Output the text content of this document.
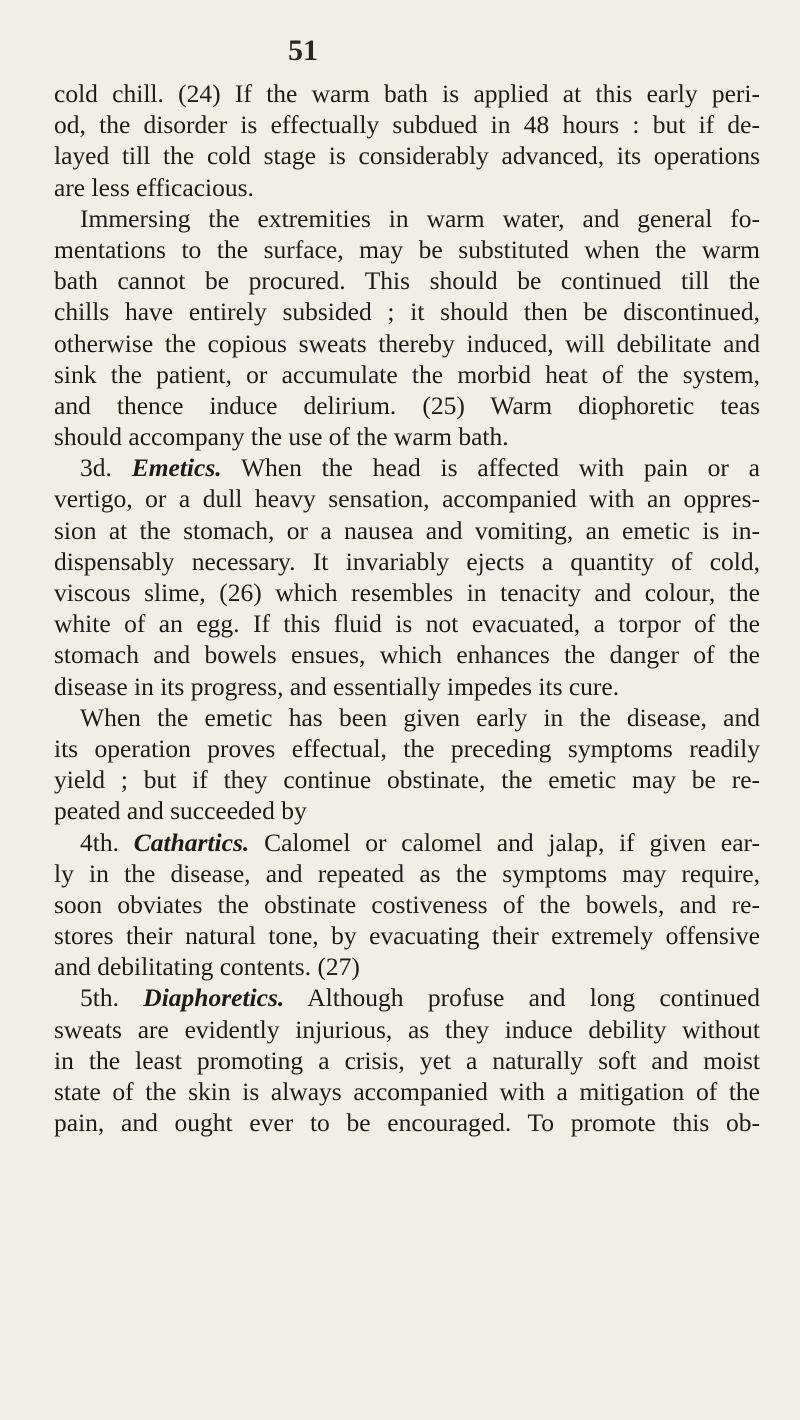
51
cold chill. (24) If the warm bath is applied at this early peri-
od, the disorder is effectually subdued in 48 hours : but if de-
layed till the cold stage is considerably advanced, its operations
are less efficacious.
Immersing the extremities in warm water, and general fo-
mentations to the surface, may be substituted when the warm
bath cannot be procured. This should be continued till the
chills have entirely subsided ; it should then be discontinued,
otherwise the copious sweats thereby induced, will debilitate and
sink the patient, or accumulate the morbid heat of the system,
and thence induce delirium. (25) Warm diophoretic teas
should accompany the use of the warm bath.
3d. Emetics. When the head is affected with pain or a
vertigo, or a dull heavy sensation, accompanied with an oppres-
sion at the stomach, or a nausea and vomiting, an emetic is in-
dispensably necessary. It invariably ejects a quantity of cold,
viscous slime, (26) which resembles in tenacity and colour, the
white of an egg. If this fluid is not evacuated, a torpor of the
stomach and bowels ensues, which enhances the danger of the
disease in its progress, and essentially impedes its cure.
When the emetic has been given early in the disease, and
its operation proves effectual, the preceding symptoms readily
yield ; but if they continue obstinate, the emetic may be re-
peated and succeeded by
4th. Cathartics. Calomel or calomel and jalap, if given ear-
ly in the disease, and repeated as the symptoms may require,
soon obviates the obstinate costiveness of the bowels, and re-
stores their natural tone, by evacuating their extremely offensive
and debilitating contents. (27)
5th. Diaphoretics. Although profuse and long continued
sweats are evidently injurious, as they induce debility without
in the least promoting a crisis, yet a naturally soft and moist
state of the skin is always accompanied with a mitigation of the
pain, and ought ever to be encouraged. To promote this ob-
